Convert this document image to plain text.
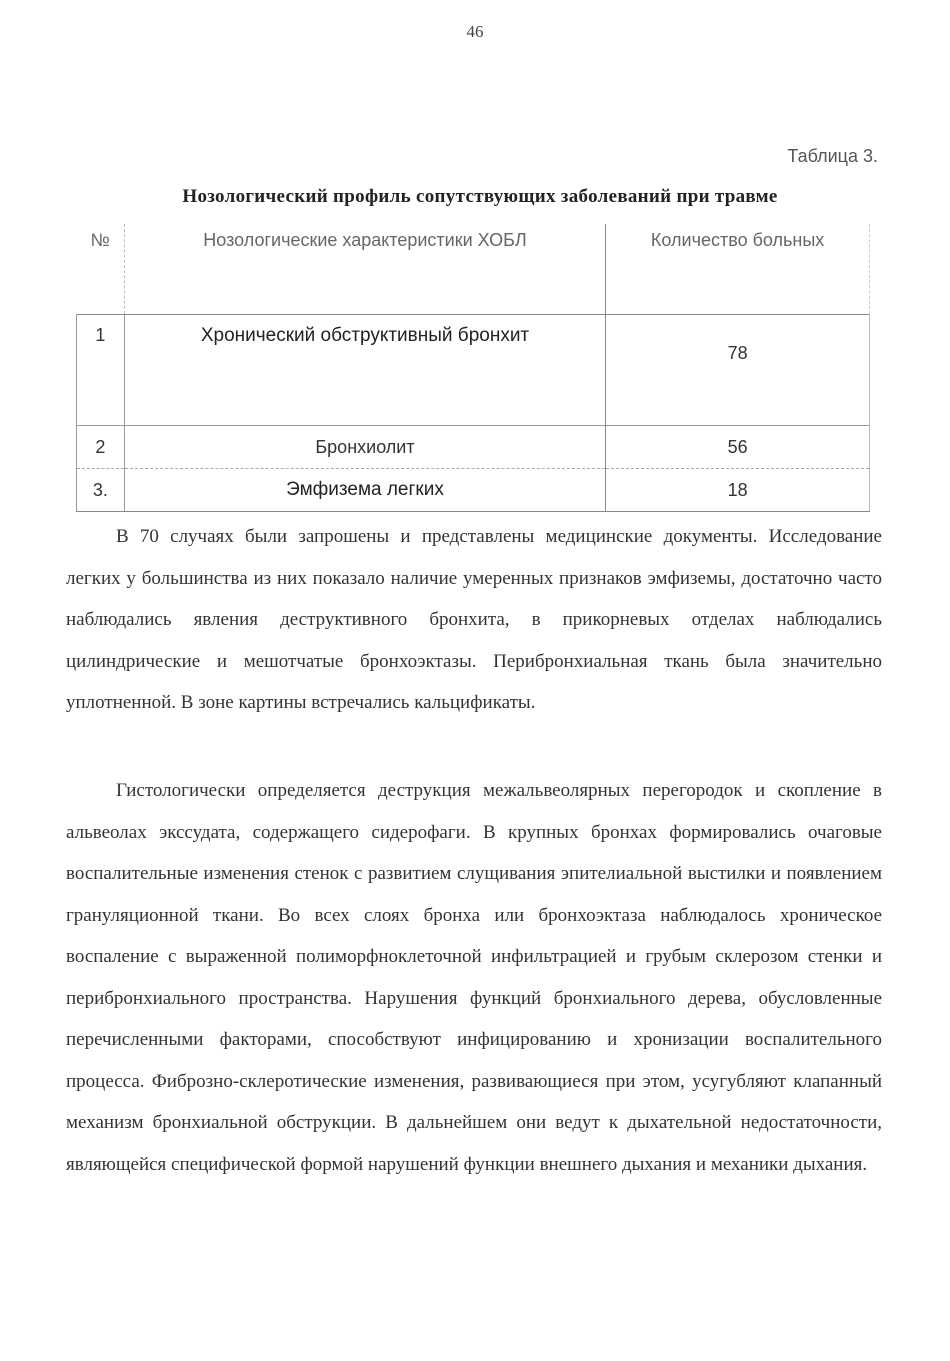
46
Таблица 3.
Нозологический профиль сопутствующих заболеваний при травме
№	Нозологические характеристики ХОБЛ	Количество больных
1	Хронический обструктивный бронхит	78
2	Бронхиолит	56
3.	Эмфизема легких	18

В 70 случаях были запрошены и представлены медицинские документы. Исследование легких у большинства из них показало наличие умеренных признаков эмфиземы, достаточно часто наблюдались явления деструктивного бронхита, в прикорневых отделах наблюдались цилиндрические и мешотчатые бронхоэктазы. Перибронхиальная ткань была значительно уплотненной. В зоне картины встречались кальцификаты.

Гистологически определяется деструкция межальвеолярных перегородок и скопление в альвеолах экссудата, содержащего сидерофаги. В крупных бронхах формировались очаговые воспалительные изменения стенок с развитием слущивания эпителиальной выстилки и появлением грануляционной ткани. Во всех слоях бронха или бронхоэктаза наблюдалось хроническое воспаление с выраженной полиморфноклеточной инфильтрацией и грубым склерозом стенки и перибронхиального пространства. Нарушения функций бронхиального дерева, обусловленные перечисленными факторами, способствуют инфицированию и хронизации воспалительного процесса. Фиброзно-склеротические изменения, развивающиеся при этом, усугубляют клапанный механизм бронхиальной обструкции. В дальнейшем они ведут к дыхательной недостаточности, являющейся специфической формой нарушений функции внешнего дыхания и механики дыхания.
